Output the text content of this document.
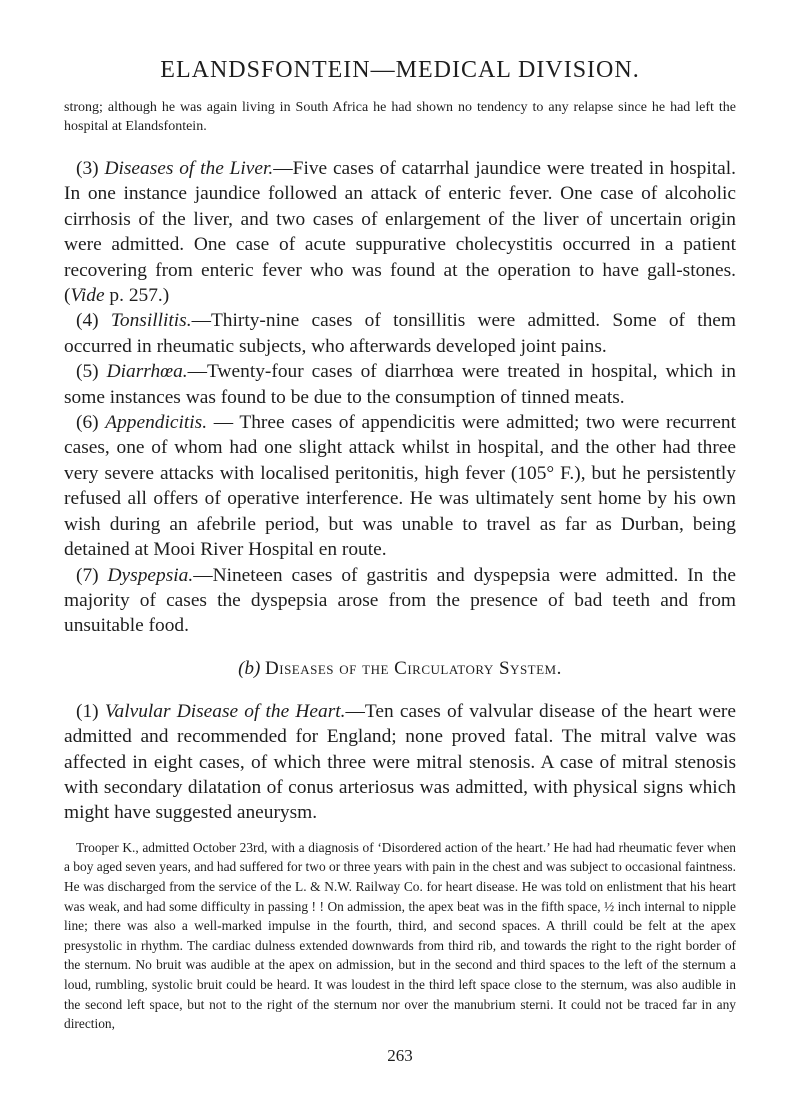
ELANDSFONTEIN—MEDICAL DIVISION.

strong; although he was again living in South Africa he had shown no tendency to any relapse since he had left the hospital at Elandsfontein.

(3) Diseases of the Liver.—Five cases of catarrhal jaundice were treated in hospital. In one instance jaundice followed an attack of enteric fever. One case of alcoholic cirrhosis of the liver, and two cases of enlargement of the liver of uncertain origin were admitted. One case of acute suppurative cholecystitis occurred in a patient recovering from enteric fever who was found at the operation to have gall-stones. (Vide p. 257.)

(4) Tonsillitis.—Thirty-nine cases of tonsillitis were admitted. Some of them occurred in rheumatic subjects, who afterwards developed joint pains.

(5) Diarrhœa.—Twenty-four cases of diarrhœa were treated in hospital, which in some instances was found to be due to the consumption of tinned meats.

(6) Appendicitis. — Three cases of appendicitis were admitted; two were recurrent cases, one of whom had one slight attack whilst in hospital, and the other had three very severe attacks with localised peritonitis, high fever (105° F.), but he persistently refused all offers of operative interference. He was ultimately sent home by his own wish during an afebrile period, but was unable to travel as far as Durban, being detained at Mooi River Hospital en route.

(7) Dyspepsia.—Nineteen cases of gastritis and dyspepsia were admitted. In the majority of cases the dyspepsia arose from the presence of bad teeth and from unsuitable food.

(b) Diseases of the Circulatory System.

(1) Valvular Disease of the Heart.—Ten cases of valvular disease of the heart were admitted and recommended for England; none proved fatal. The mitral valve was affected in eight cases, of which three were mitral stenosis. A case of mitral stenosis with secondary dilatation of conus arteriosus was admitted, with physical signs which might have suggested aneurysm.

Trooper K., admitted October 23rd, with a diagnosis of ‘Disordered action of the heart.’ He had had rheumatic fever when a boy aged seven years, and had suffered for two or three years with pain in the chest and was subject to occasional faintness. He was discharged from the service of the L. & N.W. Railway Co. for heart disease. He was told on enlistment that his heart was weak, and had some difficulty in passing ! ! On admission, the apex beat was in the fifth space, ½ inch internal to nipple line; there was also a well-marked impulse in the fourth, third, and second spaces. A thrill could be felt at the apex presystolic in rhythm. The cardiac dulness extended downwards from third rib, and towards the right to the right border of the sternum. No bruit was audible at the apex on admission, but in the second and third spaces to the left of the sternum a loud, rumbling, systolic bruit could be heard. It was loudest in the third left space close to the sternum, was also audible in the second left space, but not to the right of the sternum nor over the manubrium sterni. It could not be traced far in any direction,

263
